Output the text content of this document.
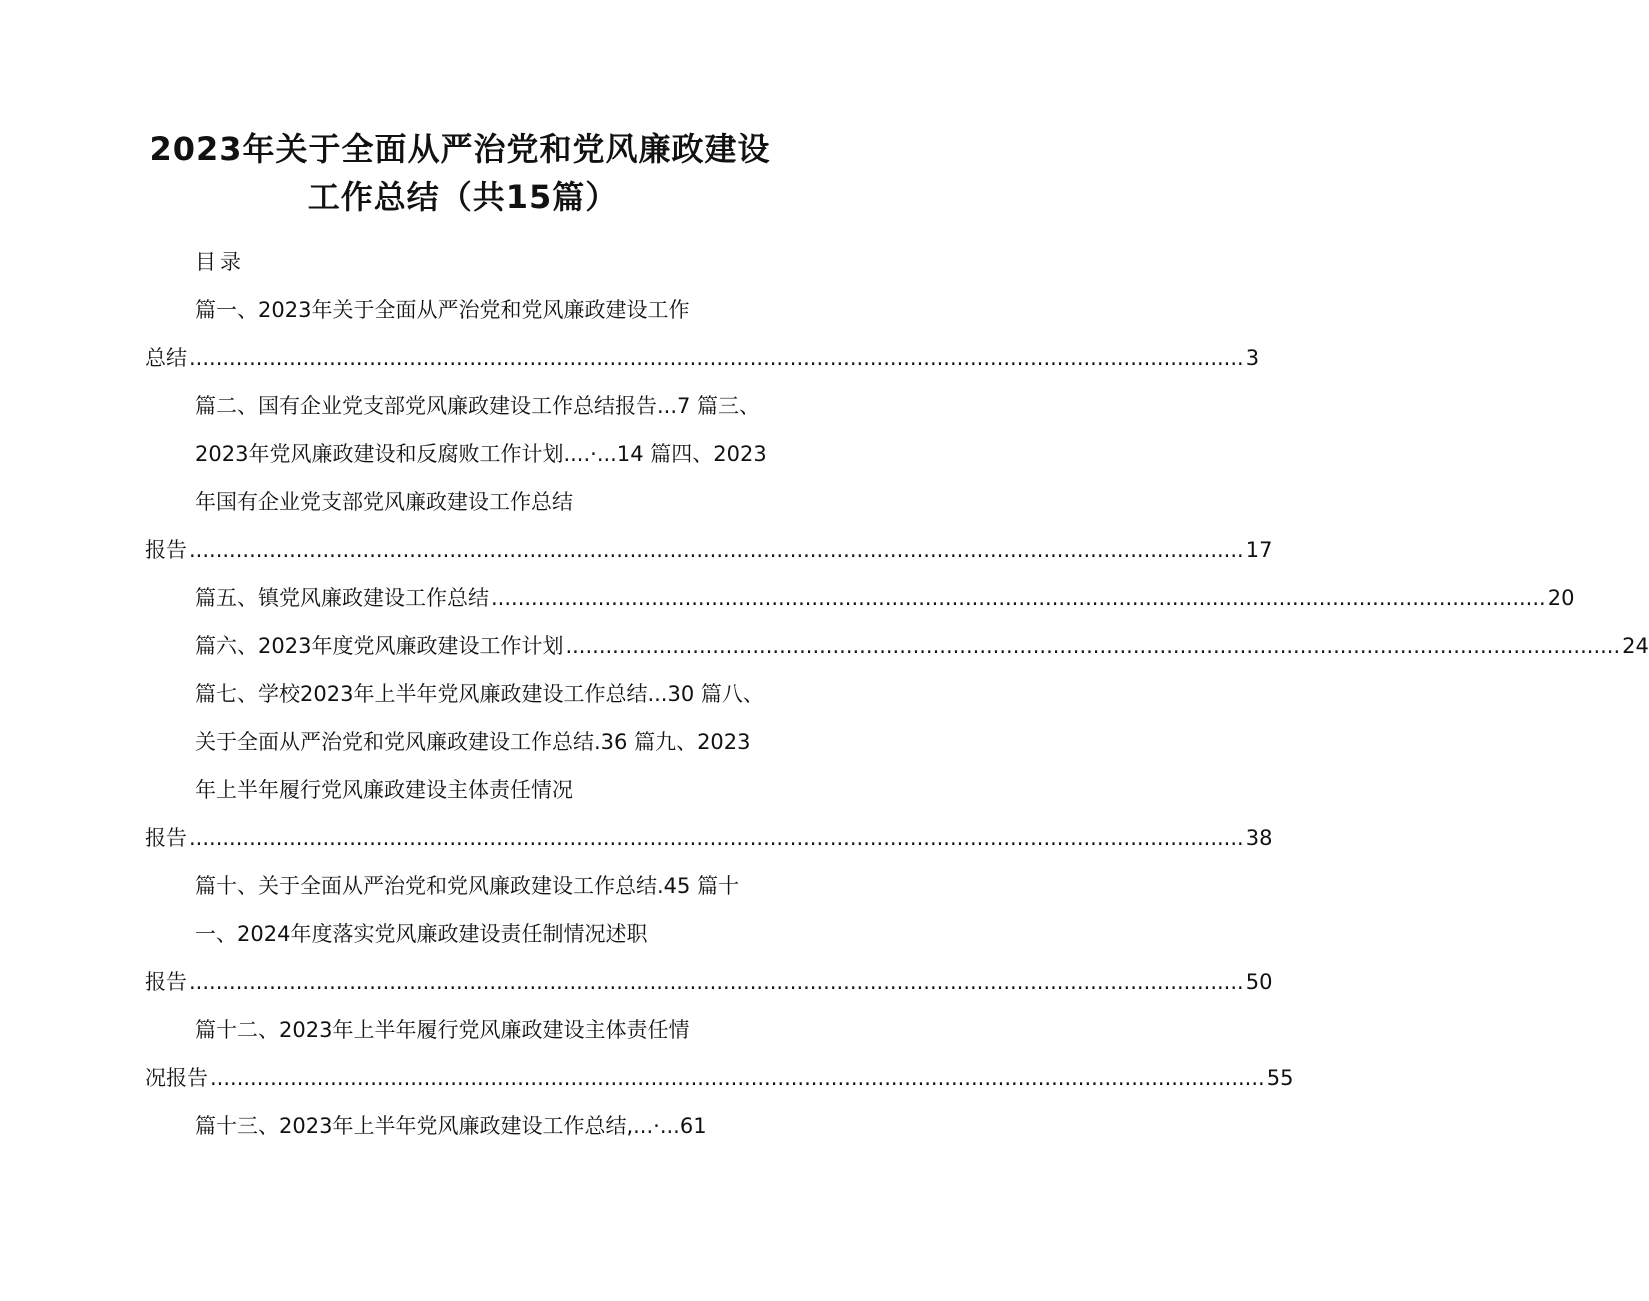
2023年关于全面从严治党和党风廉政建设
工作总结（共15篇）
目录
篇一、2023年关于全面从严治党和党风廉政建设工作
总结 .............................................................................................................................................................. 3
篇二、国有企业党支部党风廉政建设工作总结报告...7 篇三、
2023年党风廉政建设和反腐败工作计划....·...14 篇四、2023
年国有企业党支部党风廉政建设工作总结
报告 .............................................................................................................................................................. 17
篇五、镇党风廉政建设工作总结 .............................................................................................................................................................. 20
篇六、2023年度党风廉政建设工作计划 .............................................................................................................................................................. 24
篇七、学校2023年上半年党风廉政建设工作总结...30 篇八、
关于全面从严治党和党风廉政建设工作总结.36 篇九、2023
年上半年履行党风廉政建设主体责任情况
报告 .............................................................................................................................................................. 38
篇十、关于全面从严治党和党风廉政建设工作总结.45 篇十
一、2024年度落实党风廉政建设责任制情况述职
报告 .............................................................................................................................................................. 50
篇十二、2023年上半年履行党风廉政建设主体责任情
况报告 .............................................................................................................................................................. 55
篇十三、2023年上半年党风廉政建设工作总结,...·...61
